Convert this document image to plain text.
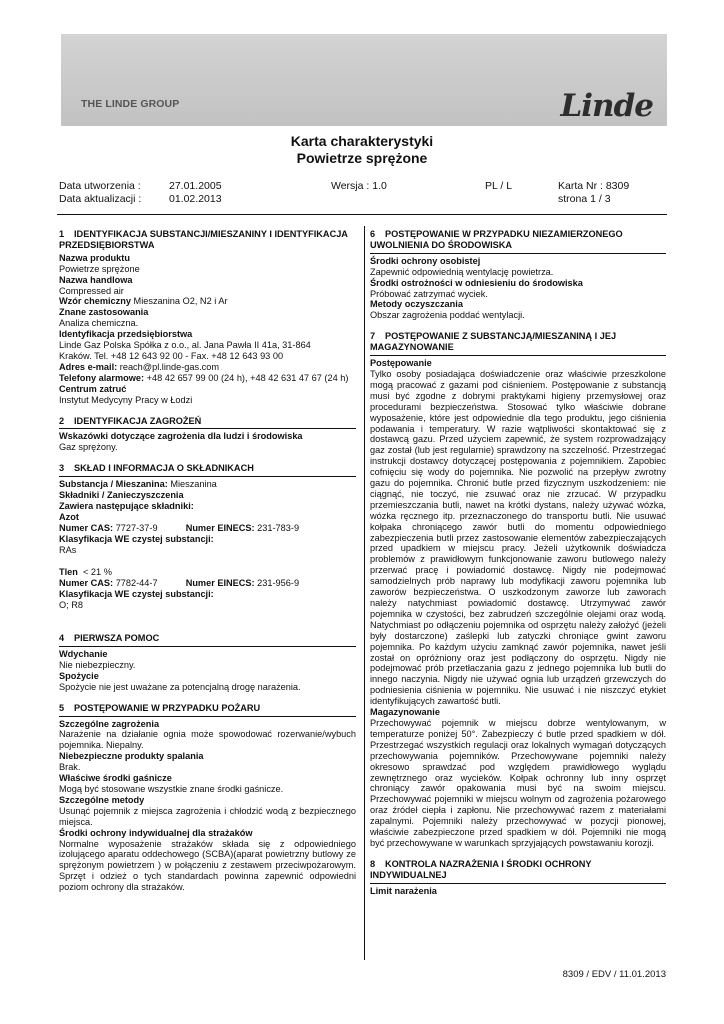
THE LINDE GROUP	Linde
Karta charakterystyki
Powietrze sprężone
Data utworzenia :	27.01.2005
Data aktualizacji :	01.02.2013
Wersja : 1.0	PL / L	Karta Nr : 8309
strona 1 / 3
1 IDENTYFIKACJA SUBSTANCJI/MIESZANINY I IDENTYFIKACJA PRZEDSIĘBIORSTWA
Nazwa produktu
Powietrze sprężone
Nazwa handlowa
Compressed air
Wzór chemiczny Mieszanina O2, N2 i Ar
Znane zastosowania
Analiza chemiczna.
Identyfikacja przedsiębiorstwa
Linde Gaz Polska Spółka z o.o., al. Jana Pawła II 41a, 31-864
Kraków. Tel. +48 12 643 92 00 - Fax. +48 12 643 93 00
Adres e-mail: reach@pl.linde-gas.com
Telefony alarmowe: +48 42 657 99 00 (24 h), +48 42 631 47 67 (24 h)
Centrum zatruć
Instytut Medycyny Pracy w Łodzi
2 IDENTYFIKACJA ZAGROŻEŃ
Wskazówki dotyczące zagrożenia dla ludzi i środowiska
Gaz sprężony.
3 SKŁAD I INFORMACJA O SKŁADNIKACH
Substancja / Mieszanina: Mieszanina
Składniki / Zanieczyszczenia
Zawiera następujące składniki:
Azot
Numer CAS: 7727-37-9	Numer EINECS: 231-783-9
Klasyfikacja WE czystej substancji:
RAs
Tlen < 21 %
Numer CAS: 7782-44-7	Numer EINECS: 231-956-9
Klasyfikacja WE czystej substancji:
O; R8
4 PIERWSZA POMOC
Wdychanie
Nie niebezpieczny.
Spożycie
Spożycie nie jest uważane za potencjalną drogę narażenia.
5 POSTĘPOWANIE W PRZYPADKU POŻARU
Szczególne zagrożenia
Narażenie na działanie ognia może spowodować rozerwanie/wybuch pojemnika. Niepalny.
Niebezpieczne produkty spalania
Brak.
Właściwe środki gaśnicze
Mogą być stosowane wszystkie znane środki gaśnicze.
Szczególne metody
Usunąć pojemnik z miejsca zagrożenia i chłodzić wodą z bezpiecznego miejsca.
Środki ochrony indywidualnej dla strażaków
Normalne wyposażenie strażaków składa się z odpowiedniego izolującego aparatu oddechowego (SCBA)(aparat powietrzny butlowy ze sprężonym powietrzem ) w połączeniu z zestawem przeciwpożarowym. Sprzęt i odzież o tych standardach powinna zapewnić odpowiedni poziom ochrony dla strażaków.
6 POSTĘPOWANIE W PRZYPADKU NIEZAMIERZONEGO UWOLNIENIA DO ŚRODOWISKA
Środki ochrony osobistej
Zapewnić odpowiednią wentylację powietrza.
Środki ostrożności w odniesieniu do środowiska
Próbować zatrzymać wyciek.
Metody oczyszczania
Obszar zagrożenia poddać wentylacji.
7 POSTĘPOWANIE Z SUBSTANCJĄ/MIESZANINĄ I JEJ MAGAZYNOWANIE
Postępowanie
Tylko osoby posiadająca doświadczenie oraz właściwie przeszkolone mogą pracować z gazami pod ciśnieniem. Postępowanie z substancją musi być zgodne z dobrymi praktykami higieny przemysłowej oraz procedurami bezpieczeństwa. Stosować tylko właściwie dobrane wyposażenie, które jest odpowiednie dla tego produktu, jego ciśnienia podawania i temperatury. W razie wątpliwości skontaktować się z dostawcą gazu. Przed użyciem zapewnić, że system rozprowadzający gaz został (lub jest regularnie) sprawdzony na szczelność. Przestrzegać instrukcji dostawcy dotyczącej postępowania z pojemnikiem. Zapobiec cofnięciu się wody do pojemnika. Nie pozwolić na przepływ zwrotny gazu do pojemnika. Chronić butle przed fizycznym uszkodzeniem: nie ciągnąć, nie toczyć, nie zsuwać oraz nie zrzucać. W przypadku przemieszczania butli, nawet na krótki dystans, należy używać wózka, wózka ręcznego itp. przeznaczonego do transportu butli. Nie usuwać kołpaka chroniącego zawór butli do momentu odpowiedniego zabezpieczenia butli przez zastosowanie elementów zabezpieczających przed upadkiem w miejscu pracy. Jeżeli użytkownik doświadcza problemów z prawidłowym funkcjonowanie zaworu butlowego należy przerwać pracę i powiadomić dostawcę. Nigdy nie podejmować samodzielnych prób naprawy lub modyfikacji zaworu pojemnika lub zaworów bezpieczeństwa. O uszkodzonym zaworze lub zaworach należy natychmiast powiadomić dostawcę. Utrzymywać zawór pojemnika w czystości, bez zabrudzeń szczególnie olejami oraz wodą. Natychmiast po odłączeniu pojemnika od osprzętu należy założyć (jeżeli były dostarczone) zaślepki lub zatyczki chroniące gwint zaworu pojemnika. Po każdym użyciu zamknąć zawór pojemnika, nawet jeśli został on opróżniony oraz jest podłączony do osprzętu. Nigdy nie podejmować prób przetłaczania gazu z jednego pojemnika lub butli do innego naczynia. Nigdy nie używać ognia lub urządzeń grzewczych do podniesienia ciśnienia w pojemniku. Nie usuwać i nie niszczyć etykiet identyfikujących zawartość butli.
Magazynowanie
Przechowywać pojemnik w miejscu dobrze wentylowanym, w temperaturze poniżej 50°. Zabezpieczy ć butle przed spadkiem w dół. Przestrzegać wszystkich regulacji oraz lokalnych wymagań dotyczących przechowywania pojemników. Przechowywane pojemniki należy okresowo sprawdzać pod względem prawidłowego wyglądu zewnętrznego oraz wycieków. Kołpak ochronny lub inny osprzęt chroniący zawór opakowania musi być na swoim miejscu. Przechowywać pojemniki w miejscu wolnym od zagrożenia pożarowego oraz źródeł ciepła i zapłonu. Nie przechowywać razem z materiałami zapalnymi. Pojemniki należy przechowywać w pozycji pionowej, właściwie zabezpieczone przed spadkiem w dół. Pojemniki nie mogą być przechowywane w warunkach sprzyjających powstawaniu korozji.
8 KONTROLA NAZRAŻENIA I ŚRODKI OCHRONY INDYWIDUALNEJ
Limit narażenia
8309 / EDV / 11.01.2013
